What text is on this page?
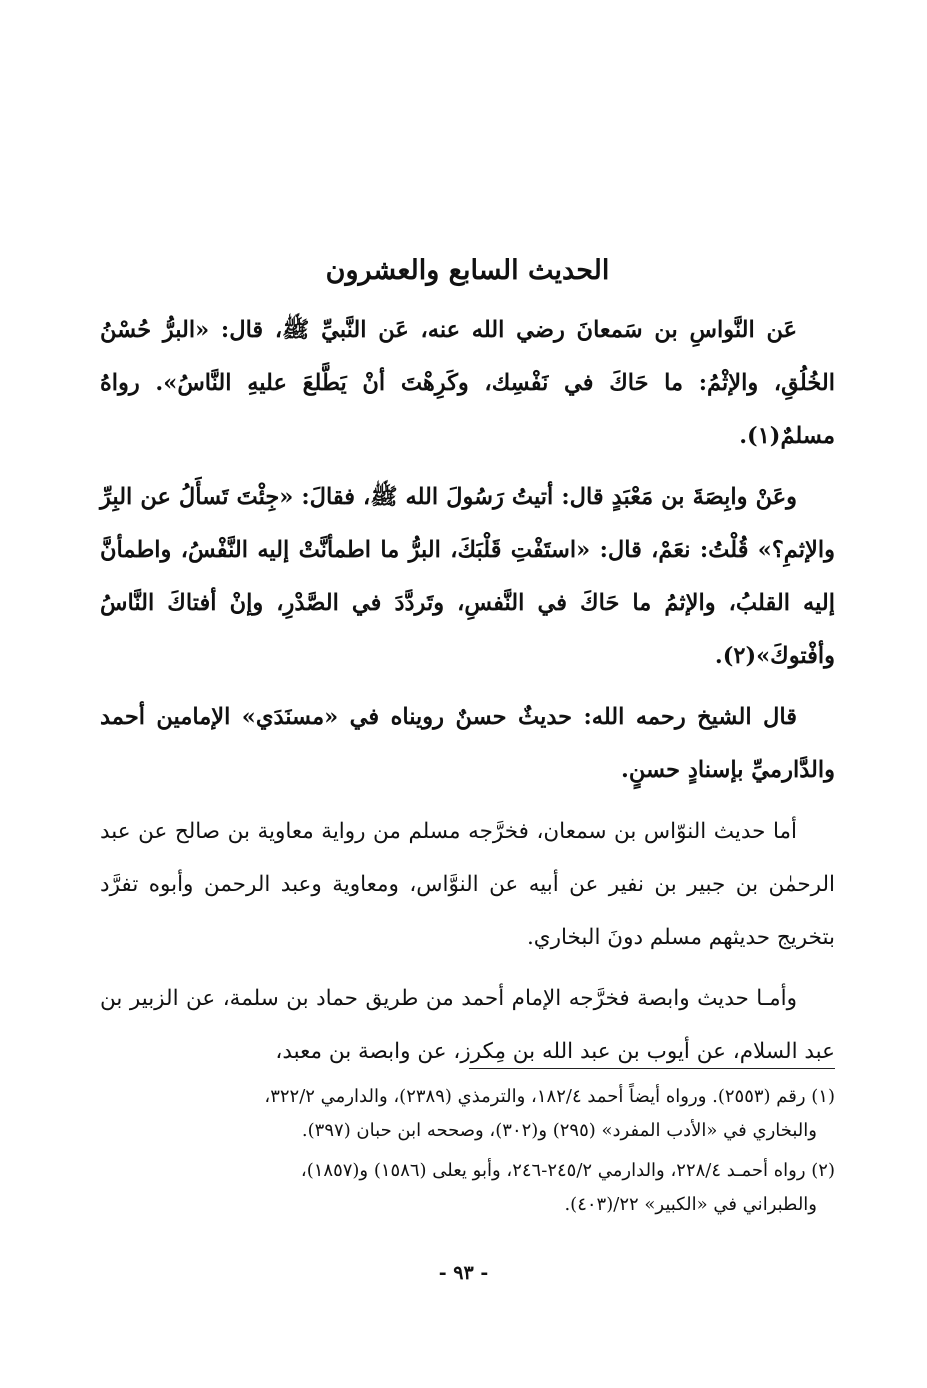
الحديث السابع والعشرون

عَن النَّواسِ بن سَمعانَ رضي الله عنه، عَن النَّبيِّ ﷺ، قال: «البرُّ حُسْنُ الخُلُقِ، والإثْمُ: ما حَاكَ في نَفْسِك، وكَرِهْتَ أنْ يَطَّلعَ عليهِ النَّاسُ». رواهُ مسلمٌ(١).

وعَنْ وابِصَةَ بن مَعْبَدٍ قال: أتيتُ رَسُولَ الله ﷺ، فقالَ: «جِئْتَ تَسأَلُ عن البِرِّ والإثمِ؟» قُلْتُ: نعَمْ، قال: «استَفْتِ قَلْبَكَ، البرُّ ما اطمأنَّتْ إليه النَّفْسُ، واطمأنَّ إليه القلبُ، والإثمُ ما حَاكَ في النَّفسِ، وتَردَّدَ في الصَّدْرِ، وإنْ أفتاكَ النَّاسُ وأفْتوكَ»(٢).

قال الشيخ رحمه الله: حديثٌ حسنٌ رويناه في «مسنَدَي» الإمامين أحمد والدَّارميِّ بإسنادٍ حسنٍ.

أما حديث النوّاس بن سمعان، فخرَّجه مسلم من رواية معاوية بن صالح عن عبد الرحمٰن بن جبير بن نفير عن أبيه عن النوَّاس، ومعاوية وعبد الرحمن وأبوه تفرَّد بتخريج حديثهم مسلم دونَ البخاري.

وأمـا حديث وابصة فخرَّجه الإمام أحمد من طريق حماد بن سلمة، عن الزبير بن عبد السلام، عن أيوب بن عبد الله بن مِكرز، عن وابصة بن معبد،

(١) رقم (٢٥٥٣). ورواه أيضاً أحمد ١٨٢/٤، والترمذي (٢٣٨٩)، والدارمي ٣٢٢/٢،
والبخاري في «الأدب المفرد» (٢٩٥) و(٣٠٢)، وصححه ابن حبان (٣٩٧).
(٢) رواه أحمـد ٢٢٨/٤، والدارمي ٢٤٥/٢-٢٤٦، وأبو يعلى (١٥٨٦) و(١٨٥٧)،
والطبراني في «الكبير» ٢٢/(٤٠٣).
- ٩٣ -
